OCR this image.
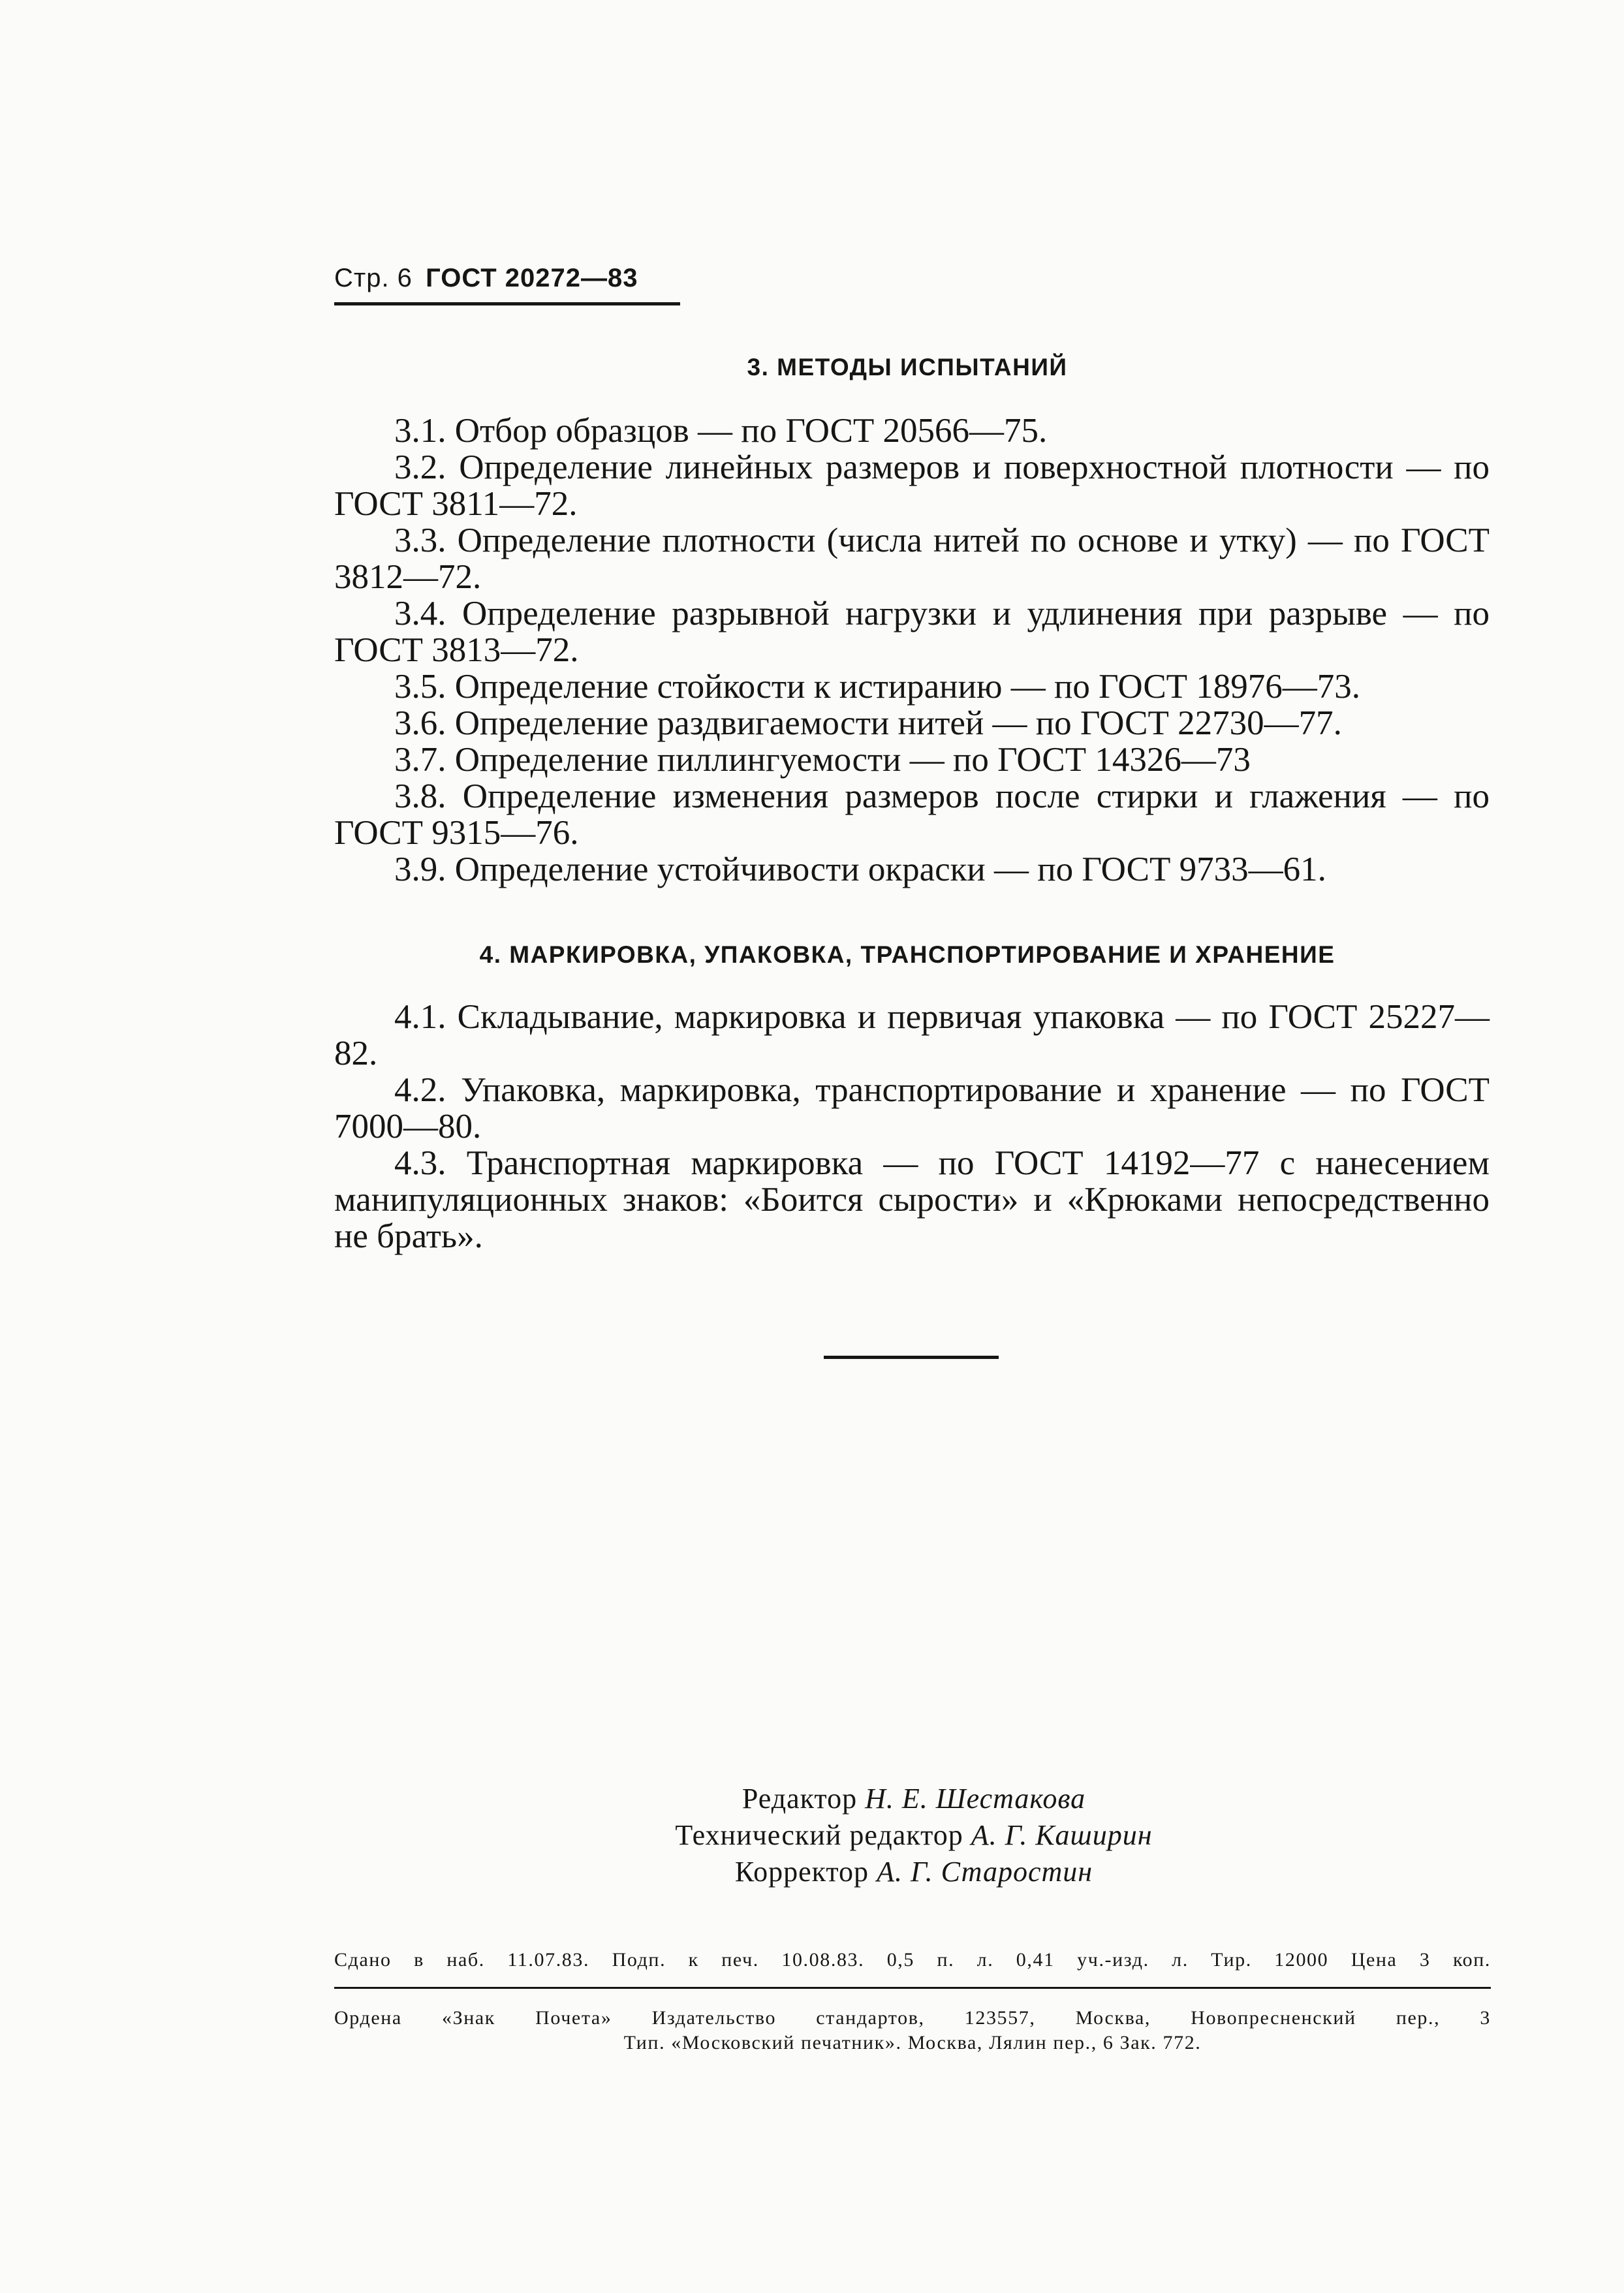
Стр. 6 ГОСТ 20272—83
3. МЕТОДЫ ИСПЫТАНИЙ

3.1. Отбор образцов — по ГОСТ 20566—75.

3.2. Определение линейных размеров и поверхностной плотности — по ГОСТ 3811—72.

3.3. Определение плотности (числа нитей по основе и утку) — по ГОСТ 3812—72.

3.4. Определение разрывной нагрузки и удлинения при разрыве — по ГОСТ 3813—72.

3.5. Определение стойкости к истиранию — по ГОСТ 18976—73.

3.6. Определение раздвигаемости нитей — по ГОСТ 22730—77.

3.7. Определение пиллингуемости — по ГОСТ 14326—73

3.8. Определение изменения размеров после стирки и глажения — по ГОСТ 9315—76.

3.9. Определение устойчивости окраски — по ГОСТ 9733—61.

4. МАРКИРОВКА, УПАКОВКА, ТРАНСПОРТИРОВАНИЕ И ХРАНЕНИЕ

4.1. Складывание, маркировка и первичая упаковка — по ГОСТ 25227—82.

4.2. Упаковка, маркировка, транспортирование и хранение — по ГОСТ 7000—80.

4.3. Транспортная маркировка — по ГОСТ 14192—77 с нанесением манипуляционных знаков: «Боится сырости» и «Крюками непосредственно не брать».

Редактор Н. Е. Шестакова
Технический редактор А. Г. Каширин
Корректор А. Г. Старостин
Сдано в наб. 11.07.83. Подп. к печ. 10.08.83. 0,5 п. л. 0,41 уч.-изд. л. Тир. 12000 Цена 3 коп.
Ордена «Знак Почета» Издательство стандартов, 123557, Москва, Новопресненский пер., 3
Тип. «Московский печатник». Москва, Лялин пер., 6 Зак. 772.
